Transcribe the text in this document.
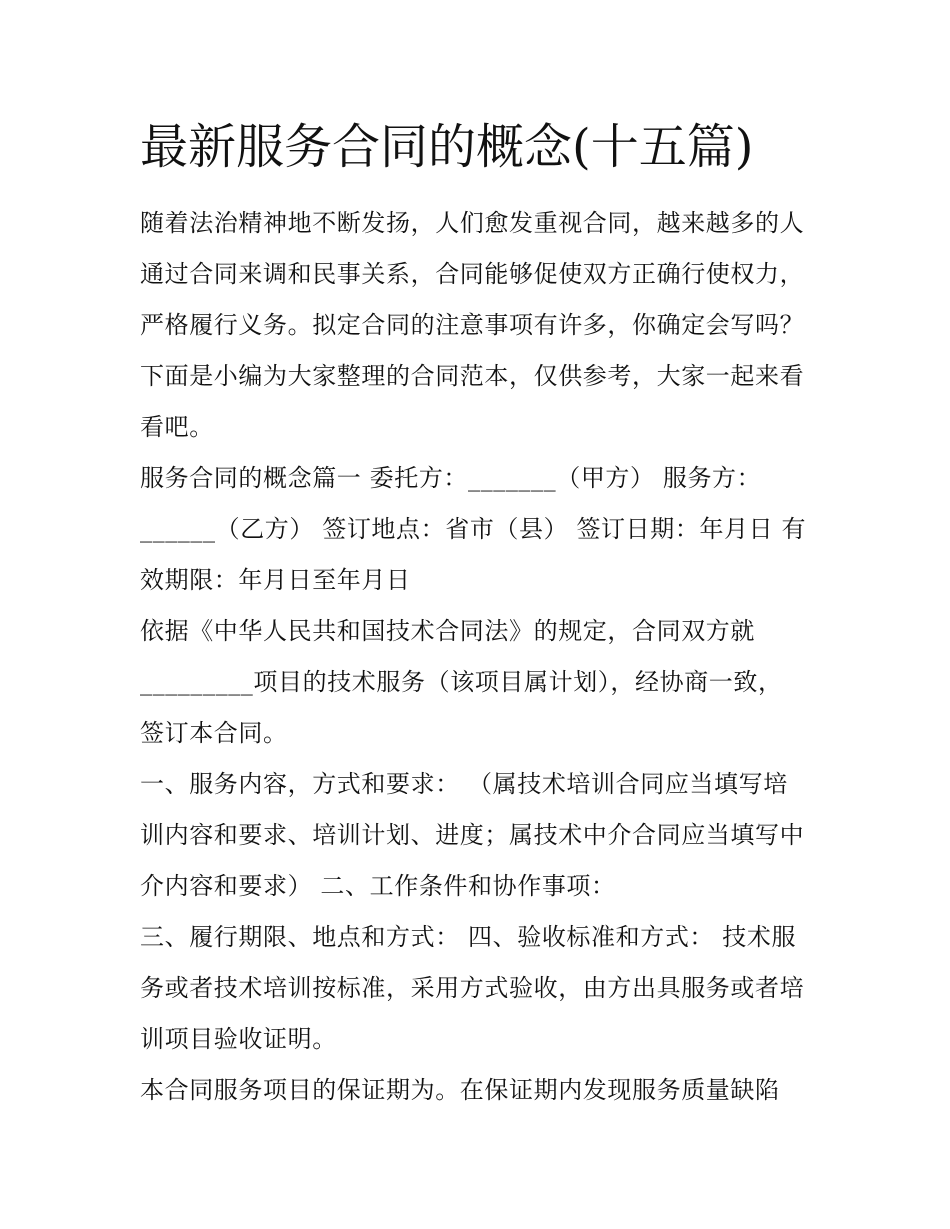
最新服务合同的概念(十五篇)

随着法治精神地不断发扬，人们愈发重视合同，越来越多的人
通过合同来调和民事关系，合同能够促使双方正确行使权力，
严格履行义务。拟定合同的注意事项有许多，你确定会写吗？
下面是小编为大家整理的合同范本，仅供参考，大家一起来看
看吧。

服务合同的概念篇一 委托方：_______（甲方） 服务方：
______（乙方） 签订地点：省市（县） 签订日期：年月日 有
效期限：年月日至年月日

依据《中华人民共和国技术合同法》的规定，合同双方就
_________项目的技术服务（该项目属计划），经协商一致，
签订本合同。

一、服务内容，方式和要求： （属技术培训合同应当填写培
训内容和要求、培训计划、进度；属技术中介合同应当填写中
介内容和要求） 二、工作条件和协作事项：

三、履行期限、地点和方式： 四、验收标准和方式： 技术服
务或者技术培训按标准，采用方式验收，由方出具服务或者培
训项目验收证明。

本合同服务项目的保证期为。在保证期内发现服务质量缺陷
